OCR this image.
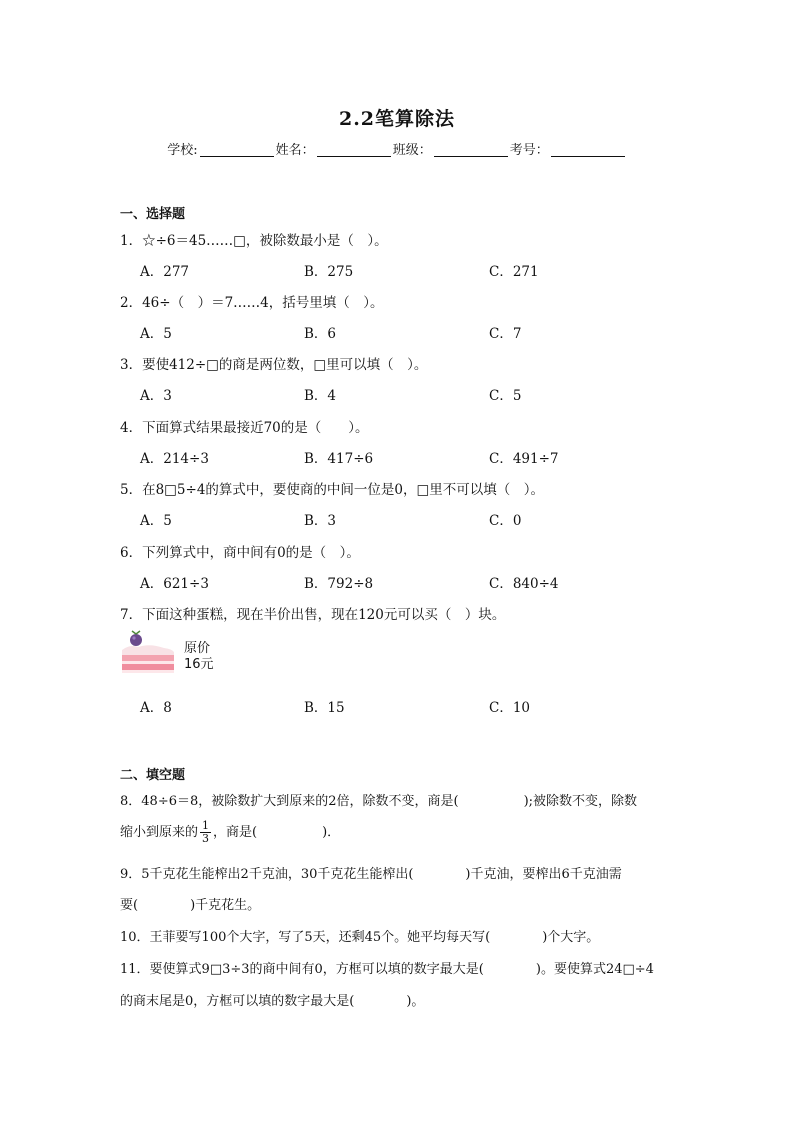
2.2笔算除法
学校:	姓名：	班级：	考号：
一、选择题
1．☆÷6＝45……□，被除数最小是（　）。
A．277	B．275	C．271
2．46÷（　）＝7……4，括号里填（　）。
A．5	B．6	C．7
3．要使412÷□的商是两位数，□里可以填（　）。
A．3	B．4	C．5
4．下面算式结果最接近70的是（　　）。
A．214÷3	B．417÷6	C．491÷7
5．在8□5÷4的算式中，要使商的中间一位是0，□里不可以填（　）。
A．5	B．3	C．0
6．下列算式中，商中间有0的是（　）。
A．621÷3	B．792÷8	C．840÷4
7．下面这种蛋糕，现在半价出售，现在120元可以买（　）块。
原价
16元
A．8	B．15	C．10
二、填空题
8．48÷6＝8，被除数扩大到原来的2倍，除数不变，商是(　　　　　);被除数不变，除数
缩小到原来的 $\frac{1}{3}$ ，商是(　　　　　)．
9．5千克花生能榨出2千克油，30千克花生能榨出(　　　　)千克油，要榨出6千克油需
要(　　　　)千克花生。
10．王菲要写100个大字，写了5天，还剩45个。她平均每天写(　　　　)个大字。
11．要使算式9□3÷3的商中间有0，方框可以填的数字最大是(　　　　)。要使算式24□÷4
的商末尾是0，方框可以填的数字最大是(　　　　)。
